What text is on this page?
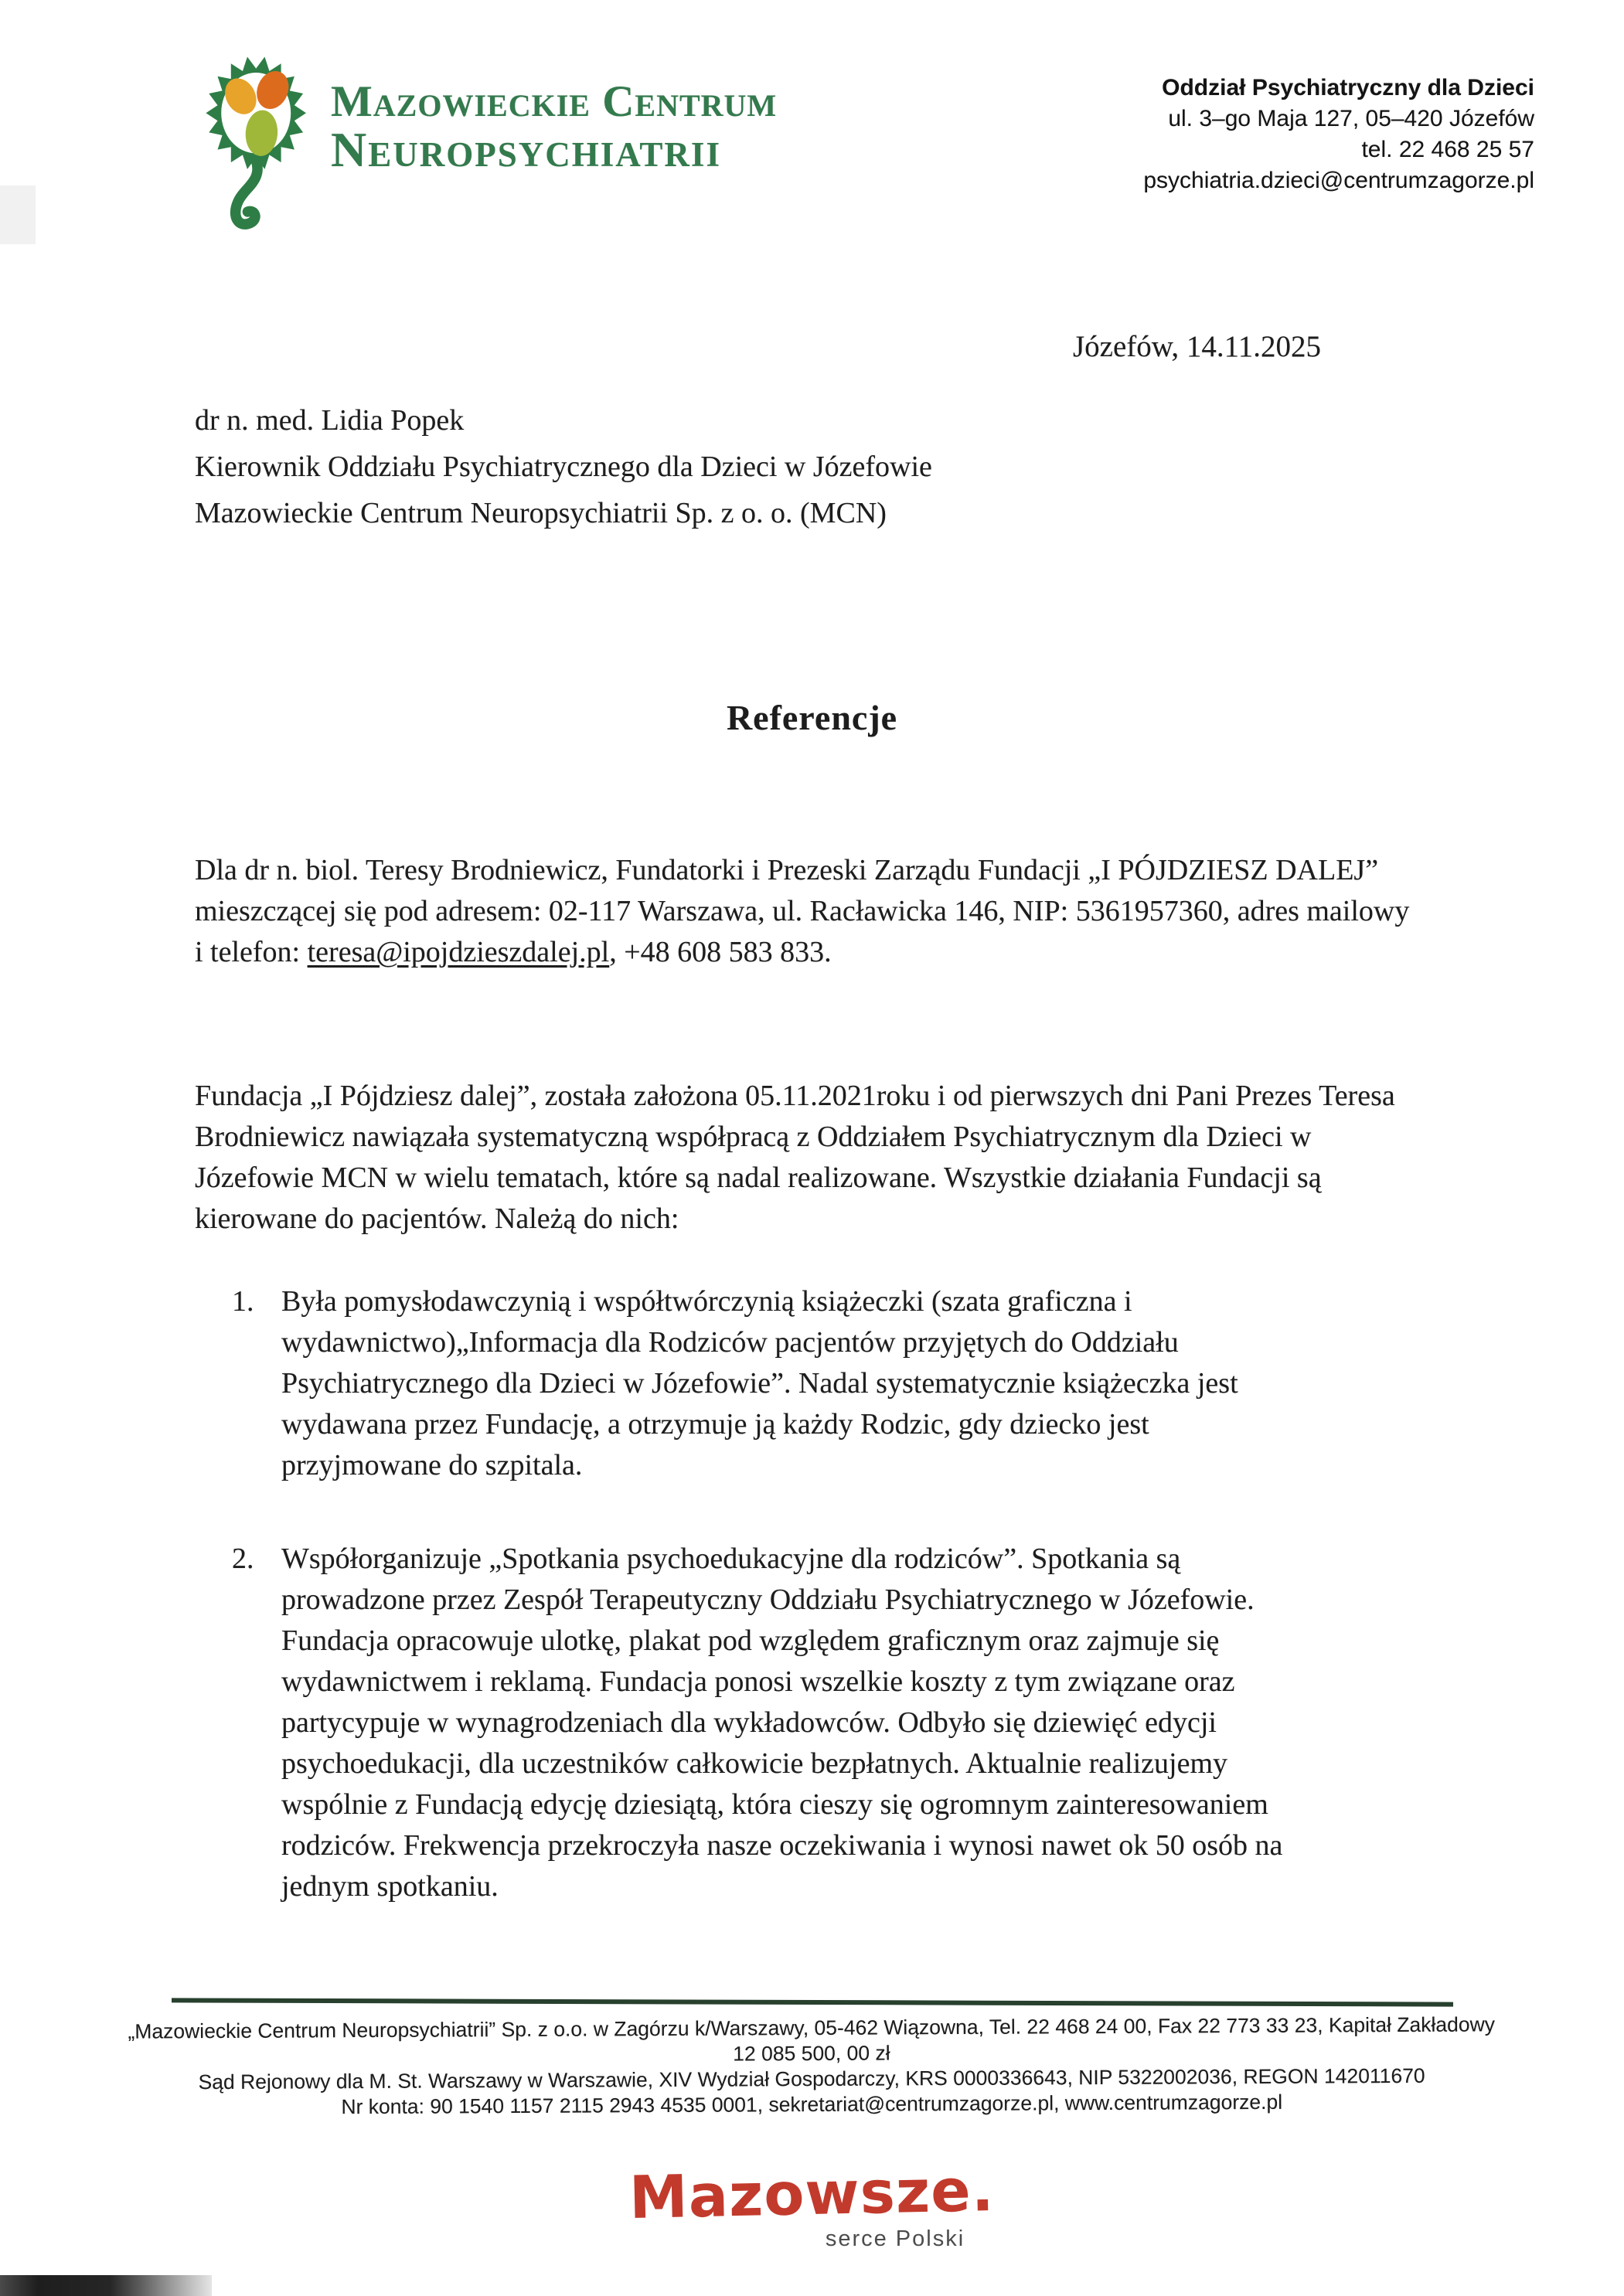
Mazowieckie Centrum
Neuropsychiatrii
Oddział Psychiatryczny dla Dzieci
ul. 3–go Maja 127, 05–420 Józefów
tel. 22 468 25 57
psychiatria.dzieci@centrumzagorze.pl
Józefów, 14.11.2025
dr n. med. Lidia Popek
Kierownik Oddziału Psychiatrycznego dla Dzieci w Józefowie
Mazowieckie Centrum Neuropsychiatrii Sp. z o. o. (MCN)
Referencje
Dla dr n. biol. Teresy Brodniewicz, Fundatorki i Prezeski Zarządu Fundacji „I PÓJDZIESZ DALEJ” mieszczącej się pod adresem: 02-117 Warszawa, ul. Racławicka 146, NIP: 5361957360, adres mailowy i telefon: teresa@ipojdzieszdalej.pl, +48 608 583 833.
Fundacja „I Pójdziesz dalej”, została założona 05.11.2021roku i od pierwszych dni Pani Prezes Teresa Brodniewicz nawiązała systematyczną współpracą z Oddziałem Psychiatrycznym dla Dzieci w Józefowie MCN w wielu tematach, które są nadal realizowane. Wszystkie działania Fundacji są kierowane do pacjentów. Należą do nich:
1. Była pomysłodawczynią i współtwórczynią książeczki (szata graficzna i wydawnictwo)„Informacja dla Rodziców pacjentów przyjętych do Oddziału Psychiatrycznego dla Dzieci w Józefowie”. Nadal systematycznie książeczka jest wydawana przez Fundację, a otrzymuje ją każdy Rodzic, gdy dziecko jest przyjmowane do szpitala.
2. Współorganizuje „Spotkania psychoedukacyjne dla rodziców”. Spotkania są prowadzone przez Zespół Terapeutyczny Oddziału Psychiatrycznego w Józefowie. Fundacja opracowuje ulotkę, plakat pod względem graficznym oraz zajmuje się wydawnictwem i reklamą. Fundacja ponosi wszelkie koszty z tym związane oraz partycypuje w wynagrodzeniach dla wykładowców. Odbyło się dziewięć edycji psychoedukacji, dla uczestników całkowicie bezpłatnych. Aktualnie realizujemy wspólnie z Fundacją edycję dziesiątą, która cieszy się ogromnym zainteresowaniem rodziców. Frekwencja przekroczyła nasze oczekiwania i wynosi nawet ok 50 osób na jednym spotkaniu.
„Mazowieckie Centrum Neuropsychiatrii” Sp. z o.o. w Zagórzu k/Warszawy, 05-462 Wiązowna, Tel. 22 468 24 00, Fax 22 773 33 23, Kapitał Zakładowy
12 085 500, 00 zł
Sąd Rejonowy dla M. St. Warszawy w Warszawie, XIV Wydział Gospodarczy, KRS 0000336643, NIP 5322002036, REGON 142011670
Nr konta: 90 1540 1157 2115 2943 4535 0001, sekretariat@centrumzagorze.pl, www.centrumzagorze.pl
Mazowsze.
serce Polski
